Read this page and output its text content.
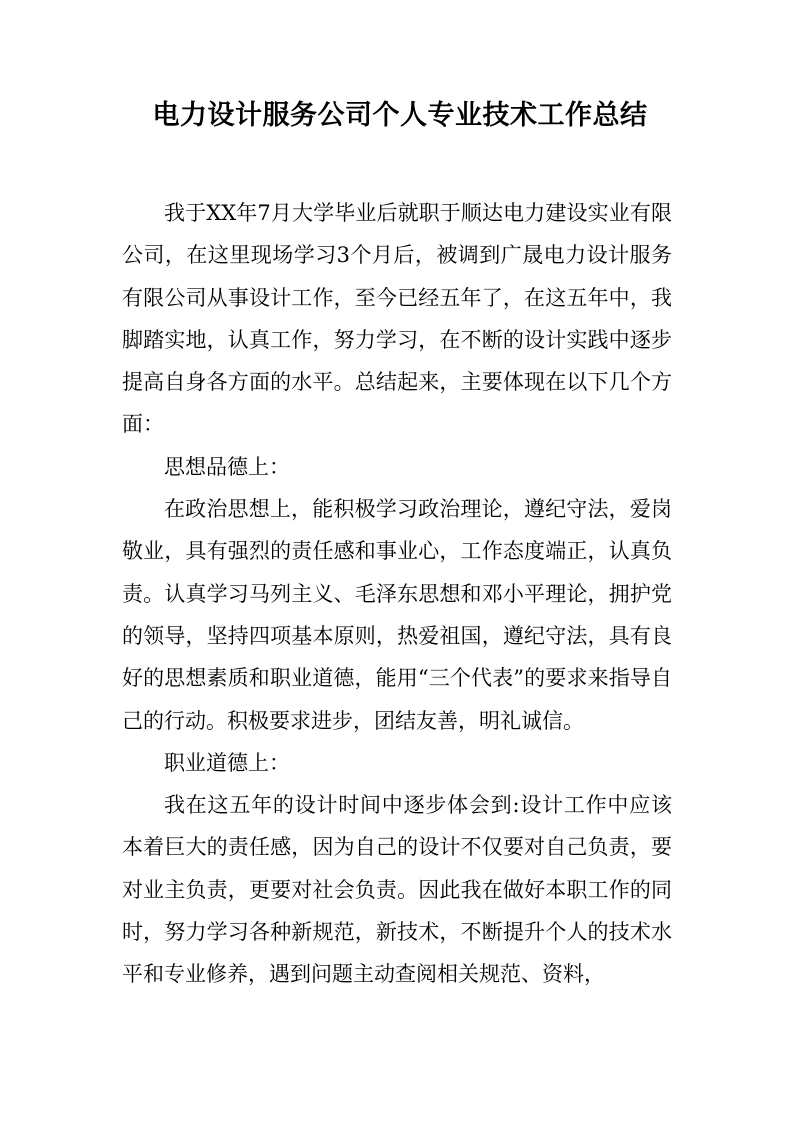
电力设计服务公司个人专业技术工作总结

我于XX年7月大学毕业后就职于顺达电力建设实业有限公司，在这里现场学习3个月后，被调到广晟电力设计服务有限公司从事设计工作，至今已经五年了，在这五年中，我脚踏实地，认真工作，努力学习，在不断的设计实践中逐步提高自身各方面的水平。总结起来，主要体现在以下几个方面：

思想品德上：

在政治思想上，能积极学习政治理论，遵纪守法，爱岗敬业，具有强烈的责任感和事业心，工作态度端正，认真负责。认真学习马列主义、毛泽东思想和邓小平理论，拥护党的领导，坚持四项基本原则，热爱祖国，遵纪守法，具有良好的思想素质和职业道德，能用“三个代表”的要求来指导自己的行动。积极要求进步，团结友善，明礼诚信。

职业道德上：

我在这五年的设计时间中逐步体会到:设计工作中应该本着巨大的责任感，因为自己的设计不仅要对自己负责，要对业主负责，更要对社会负责。因此我在做好本职工作的同时，努力学习各种新规范，新技术，不断提升个人的技术水平和专业修养，遇到问题主动查阅相关规范、资料，
